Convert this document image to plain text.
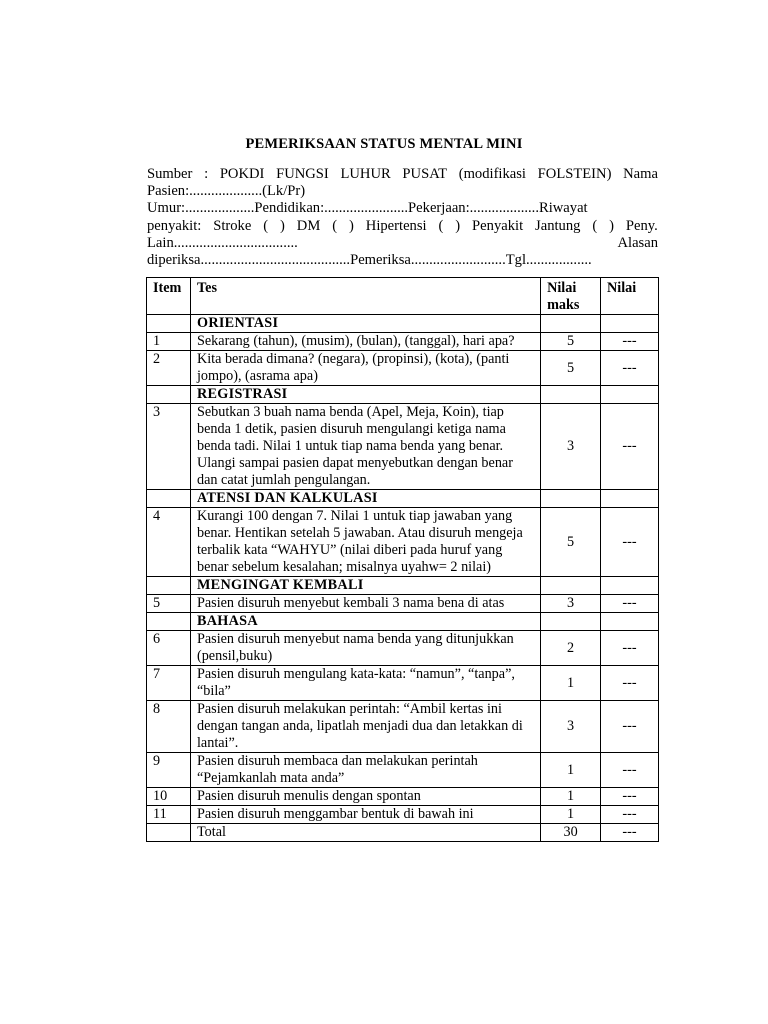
PEMERIKSAAN STATUS MENTAL MINI
Sumber : POKDI FUNGSI LUHUR PUSAT (modifikasi FOLSTEIN) Nama
Pasien:....................(Lk/Pr)
Umur:...................Pendidikan:.......................Pekerjaan:...................Riwayat
penyakit: Stroke ( ) DM ( ) Hipertensi ( ) Penyakit Jantung ( ) Peny.
Lain..................................	Alasan
diperiksa.........................................Pemeriksa..........................Tgl..................
Item	Tes	Nilai maks	Nilai
	ORIENTASI		
1	Sekarang (tahun), (musim), (bulan), (tanggal), hari apa?	5	---
2	Kita berada dimana? (negara), (propinsi), (kota), (panti jompo), (asrama apa)	5	---
	REGISTRASI		
3	Sebutkan 3 buah nama benda (Apel, Meja, Koin), tiap benda 1 detik, pasien disuruh mengulangi ketiga nama benda tadi. Nilai 1 untuk tiap nama benda yang benar. Ulangi sampai pasien dapat menyebutkan dengan benar dan catat jumlah pengulangan.	3	---
	ATENSI DAN KALKULASI		
4	Kurangi 100 dengan 7. Nilai 1 untuk tiap jawaban yang benar. Hentikan setelah 5 jawaban. Atau disuruh mengeja terbalik kata “WAHYU” (nilai diberi pada huruf yang benar sebelum kesalahan; misalnya uyahw= 2 nilai)	5	---
	MENGINGAT KEMBALI		
5	Pasien disuruh menyebut kembali 3 nama bena di atas	3	---
	BAHASA		
6	Pasien disuruh menyebut nama benda yang ditunjukkan (pensil,buku)	2	---
7	Pasien disuruh mengulang kata-kata: “namun”, “tanpa”, “bila”	1	---
8	Pasien disuruh melakukan perintah: “Ambil kertas ini dengan tangan anda, lipatlah menjadi dua dan letakkan di lantai”.	3	---
9	Pasien disuruh membaca dan melakukan perintah “Pejamkanlah mata anda”	1	---
10	Pasien disuruh menulis dengan spontan	1	---
11	Pasien disuruh menggambar bentuk di bawah ini	1	---
	Total	30	---
